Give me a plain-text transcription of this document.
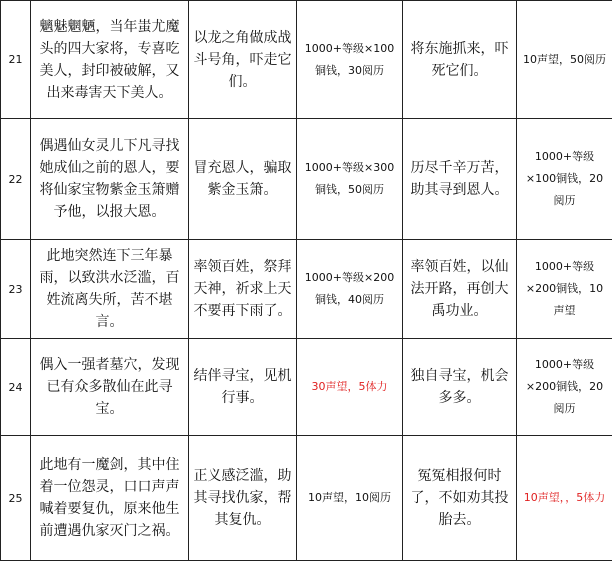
21	魑魅魍魉，当年蚩尤魔头的四大家将，专喜吃美人，封印被破解，又出来毒害天下美人。	以龙之角做成战斗号角，吓走它们。	1000+等级×100铜钱，30阅历	将东施抓来，吓死它们。	10声望，50阅历
22	偶遇仙女灵儿下凡寻找她成仙之前的恩人，要将仙家宝物紫金玉箫赠予他，以报大恩。	冒充恩人，骗取紫金玉箫。	1000+等级×300铜钱，50阅历	历尽千辛万苦，助其寻到恩人。	1000+等级×100铜钱，20阅历
23	此地突然连下三年暴雨，以致洪水泛滥，百姓流离失所，苦不堪言。	率领百姓，祭拜天神，祈求上天不要再下雨了。	1000+等级×200铜钱，40阅历	率领百姓，以仙法开路，再创大禹功业。	1000+等级×200铜钱，10声望
24	偶入一强者墓穴，发现已有众多散仙在此寻宝。	结伴寻宝，见机行事。	30声望，5体力	独自寻宝，机会多多。	1000+等级×200铜钱，20阅历
25	此地有一魔剑，其中住着一位怨灵，口口声声喊着要复仇，原来他生前遭遇仇家灭门之祸。	正义感泛滥，助其寻找仇家，帮其复仇。	10声望，10阅历	冤冤相报何时了，不如劝其投胎去。	10声望，，5体力
